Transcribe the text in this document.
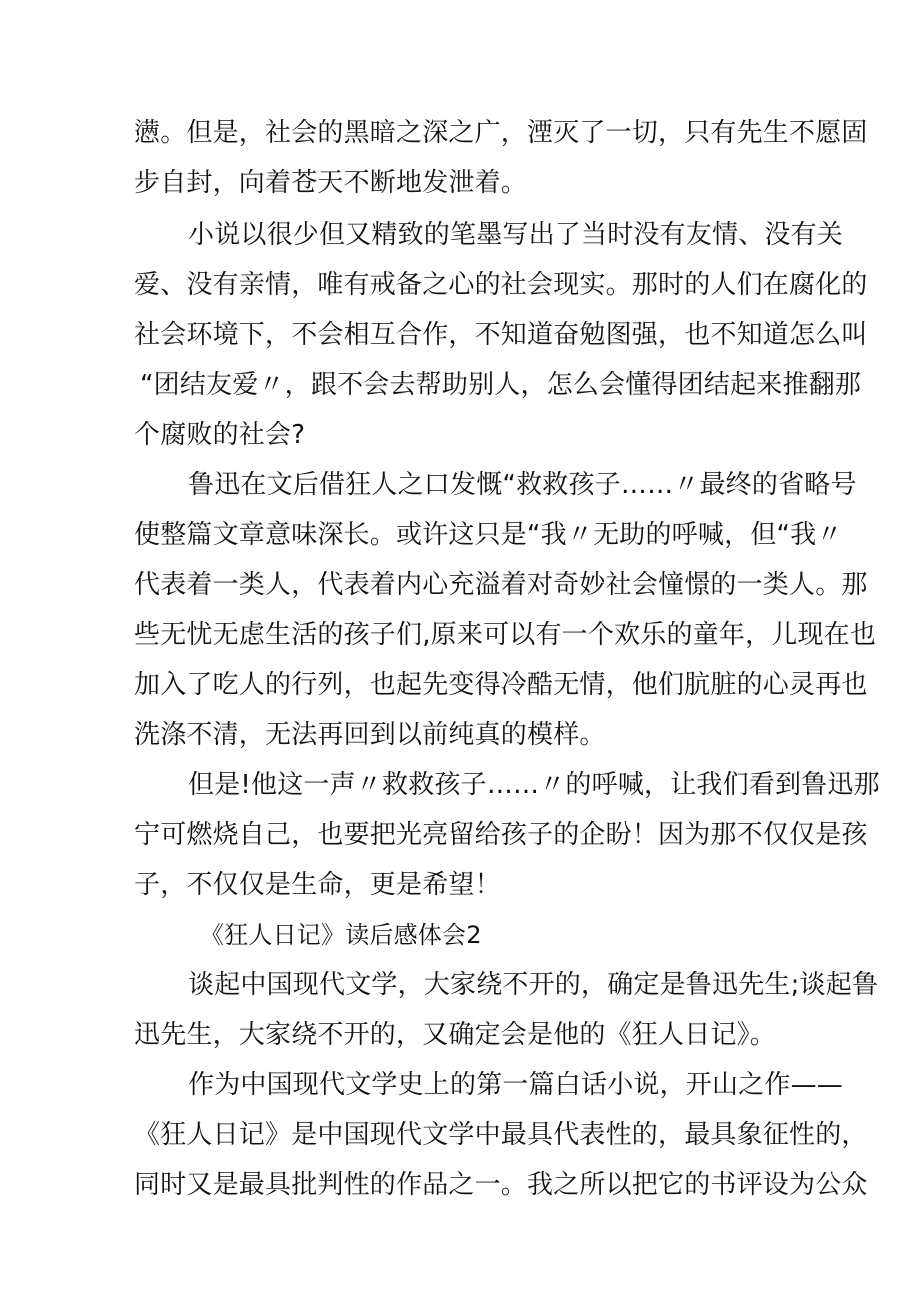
懑。但是，社会的黑暗之深之广，湮灭了一切，只有先生不愿固
步自封，向着苍天不断地发泄着。
小说以很少但又精致的笔墨写出了当时没有友情、没有关
爱、没有亲情，唯有戒备之心的社会现实。那时的人们在腐化的
社会环境下，不会相互合作，不知道奋勉图强，也不知道怎么叫
“团结友爱〃，跟不会去帮助别人，怎么会懂得团结起来推翻那
个腐败的社会?
鲁迅在文后借狂人之口发慨“救救孩子……〃最终的省略号
使整篇文章意味深长。或许这只是“我〃无助的呼喊，但“我〃
代表着一类人，代表着内心充溢着对奇妙社会憧憬的一类人。那
些无忧无虑生活的孩子们,原来可以有一个欢乐的童年，儿现在也
加入了吃人的行列，也起先变得冷酷无情，他们肮脏的心灵再也
洗涤不清，无法再回到以前纯真的模样。
但是!他这一声〃救救孩子……〃的呼喊，让我们看到鲁迅那
宁可燃烧自己，也要把光亮留给孩子的企盼！因为那不仅仅是孩
子，不仅仅是生命，更是希望！
《狂人日记》读后感体会2
谈起中国现代文学，大家绕不开的，确定是鲁迅先生;谈起鲁
迅先生，大家绕不开的，又确定会是他的《狂人日记》。
作为中国现代文学史上的第一篇白话小说，开山之作——
《狂人日记》是中国现代文学中最具代表性的，最具象征性的，
同时又是最具批判性的作品之一。我之所以把它的书评设为公众
